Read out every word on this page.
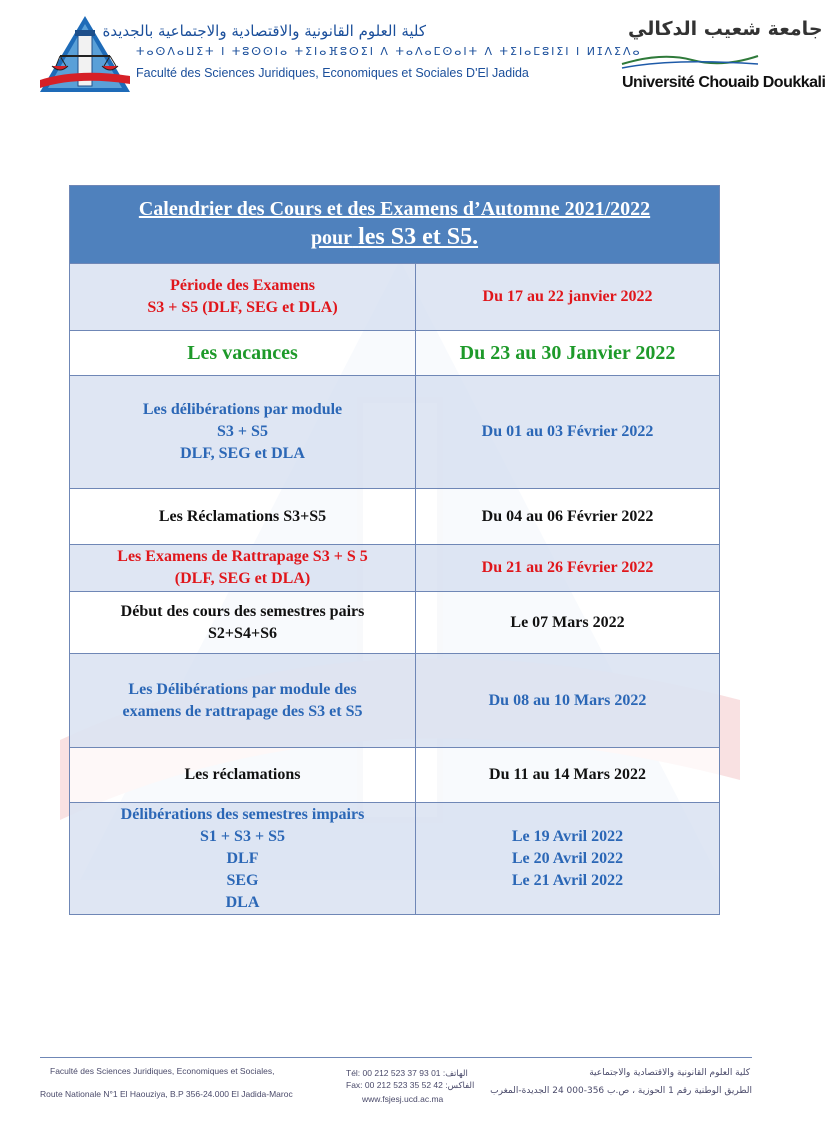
كلية العلوم القانونية والاقتصادية والاجتماعية بالجديدة
ⵜⴰⵙⴷⴰⵡⵉⵜ ⵏ ⵜⵓⵙⵙⵏⴰ ⵜⵉⵏⴰⴼⵓⵙⵉⵏ ⴷ ⵜⴰⴷⴰⵎⵙⴰⵏⵜ ⴷ ⵜⵉⵏⴰⵎⵓⵏⵉⵏ ⵏ ⵍⵊⴷⵉⴷⴰ
Faculté des Sciences Juridiques, Economiques et Sociales D'El Jadida
جامعة شعيب الدكالي
Université Chouaib Doukkali
Calendrier des Cours et des Examens d’Automne 2021/2022
pour les S3 et S5.	

Période des Examens
S3 + S5 (DLF, SEG et DLA)	Du 17 au 22 janvier 2022

Les vacances	Du 23 au 30 Janvier 2022

Les délibérations par module
S3 + S5
DLF, SEG et DLA	Du 01 au 03 Février 2022

Les Réclamations S3+S5	Du 04 au 06 Février 2022

Les Examens de Rattrapage S3 + S 5
(DLF, SEG et DLA)	Du 21 au 26 Février 2022

Début des cours des semestres pairs
S2+S4+S6	Le 07 Mars 2022

Les Délibérations par module des
examens de rattrapage des S3 et S5	Du 08 au 10 Mars 2022

Les réclamations	Du 11 au 14 Mars 2022

Délibérations des semestres impairs
S1 + S3 + S5
DLF
SEG
DLA	Le 19 Avril 2022
Le 20 Avril 2022
Le 21 Avril 2022
Faculté des Sciences Juridiques, Economiques et Sociales,
Route Nationale N°1 El Haouziya, B.P 356-24.000 El Jadida-Maroc
Tél: 00 212 523 37 93 01 :الهاتف
Fax: 00 212 523 35 52 42 :الفاكس
www.fsjesj.ucd.ac.ma
كلية العلوم القانونية والاقتصادية والاجتماعية
الطريق الوطنية رقم 1 الحوزية ، ص.ب 356-000 24 الجديدة-المغرب
